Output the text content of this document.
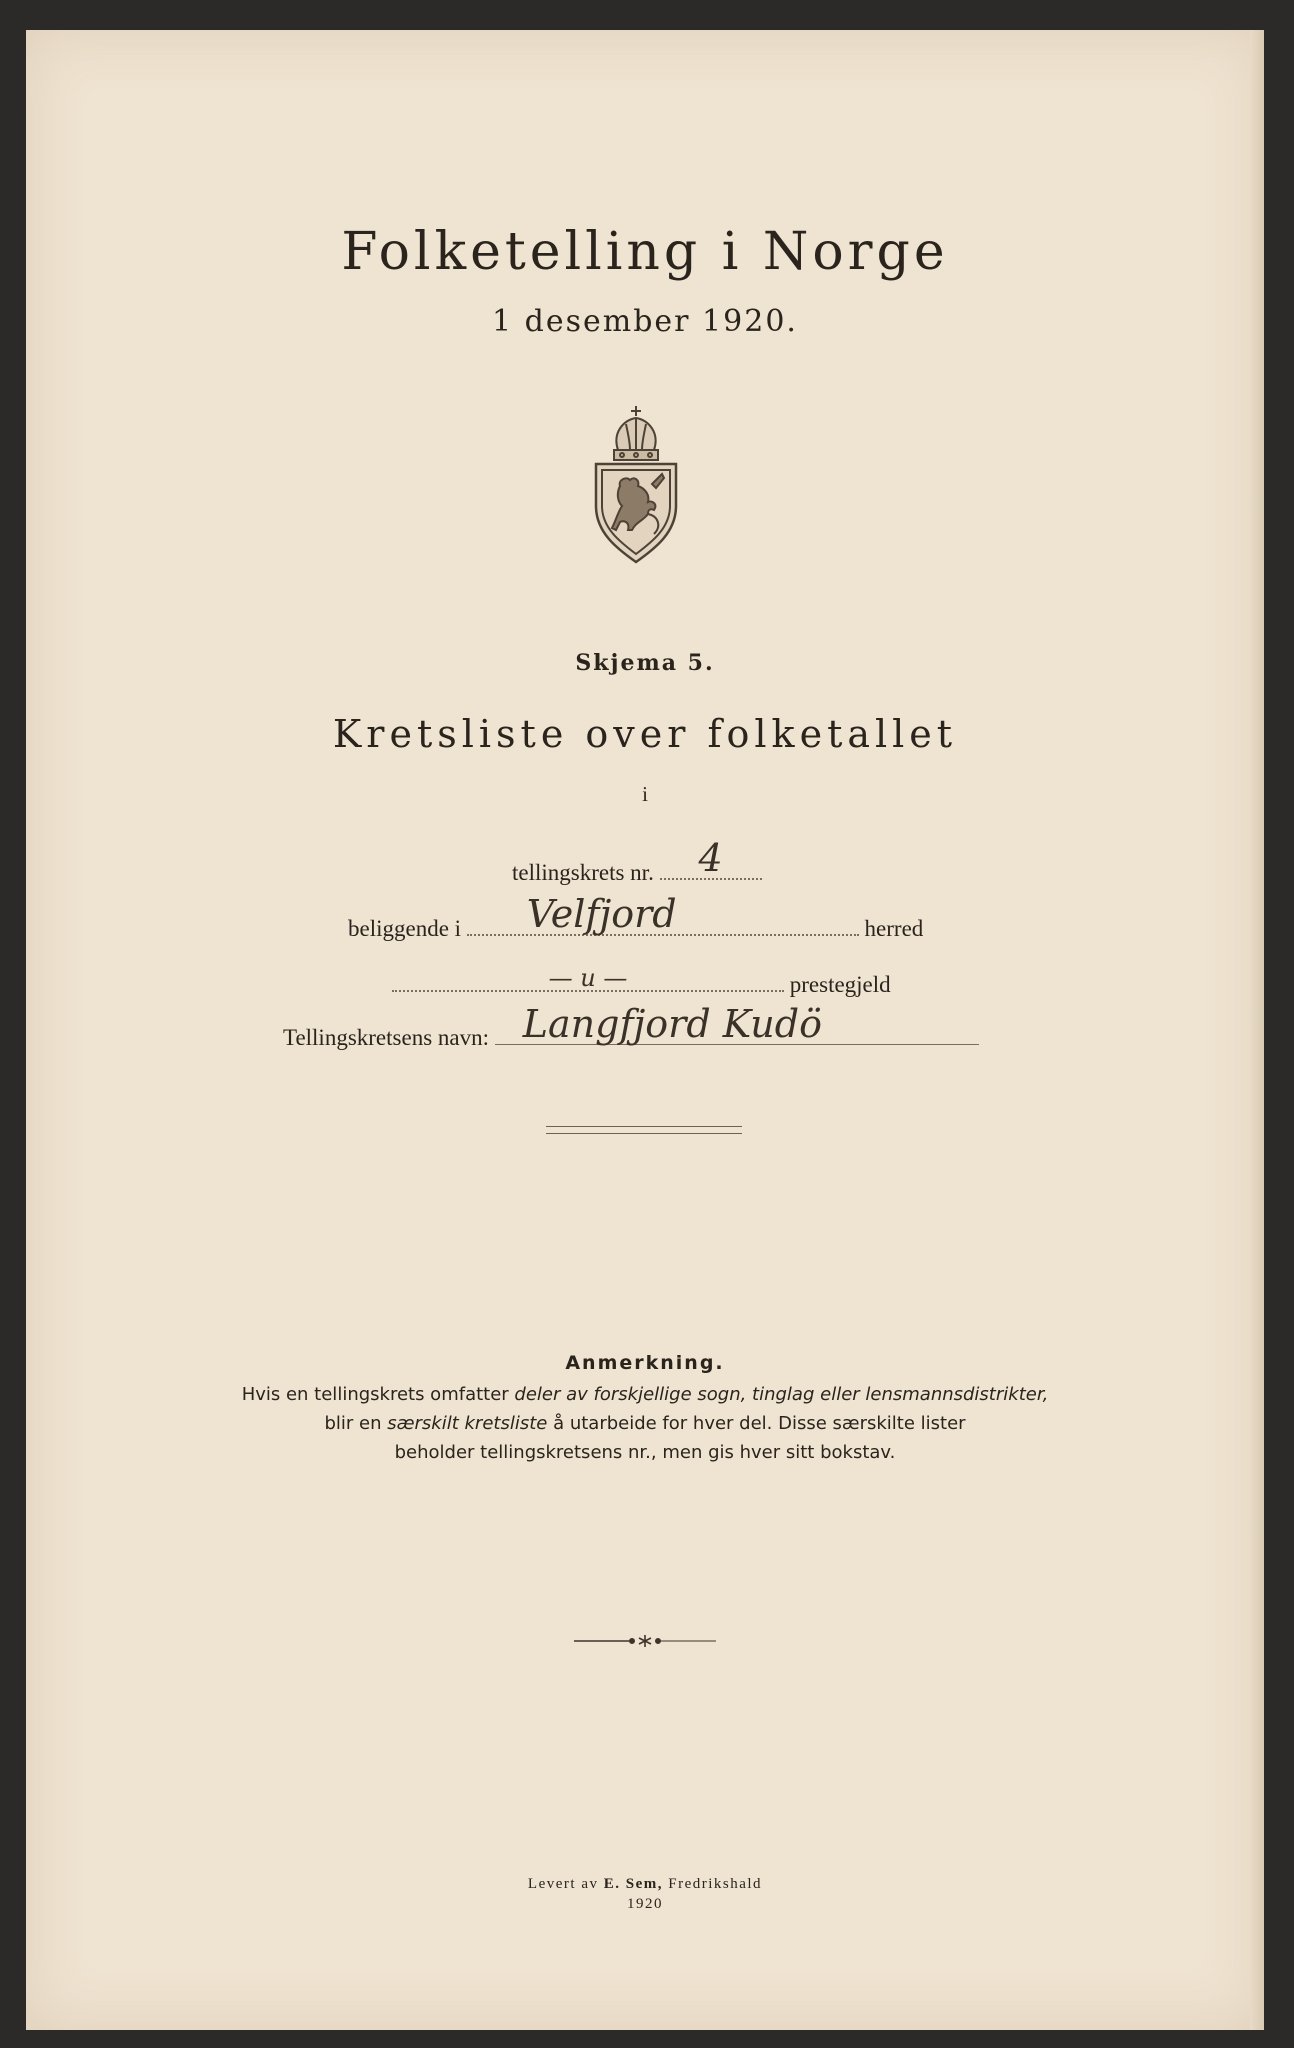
Folketelling i Norge
1 desember 1920.
Skjema 5.
Kretsliste over folketallet
i
tellingskrets nr.	4
beliggende i	Velfjord	herred
— u —	prestegjeld
Tellingskretsens navn: Langfjord Kudö
Anmerkning.
Hvis en tellingskrets omfatter deler av forskjellige sogn, tinglag eller lensmannsdistrikter,
blir en særskilt kretsliste å utarbeide for hver del. Disse særskilte lister
beholder tellingskretsens nr., men gis hver sitt bokstav.
Levert av E. Sem, Fredrikshald
1920
